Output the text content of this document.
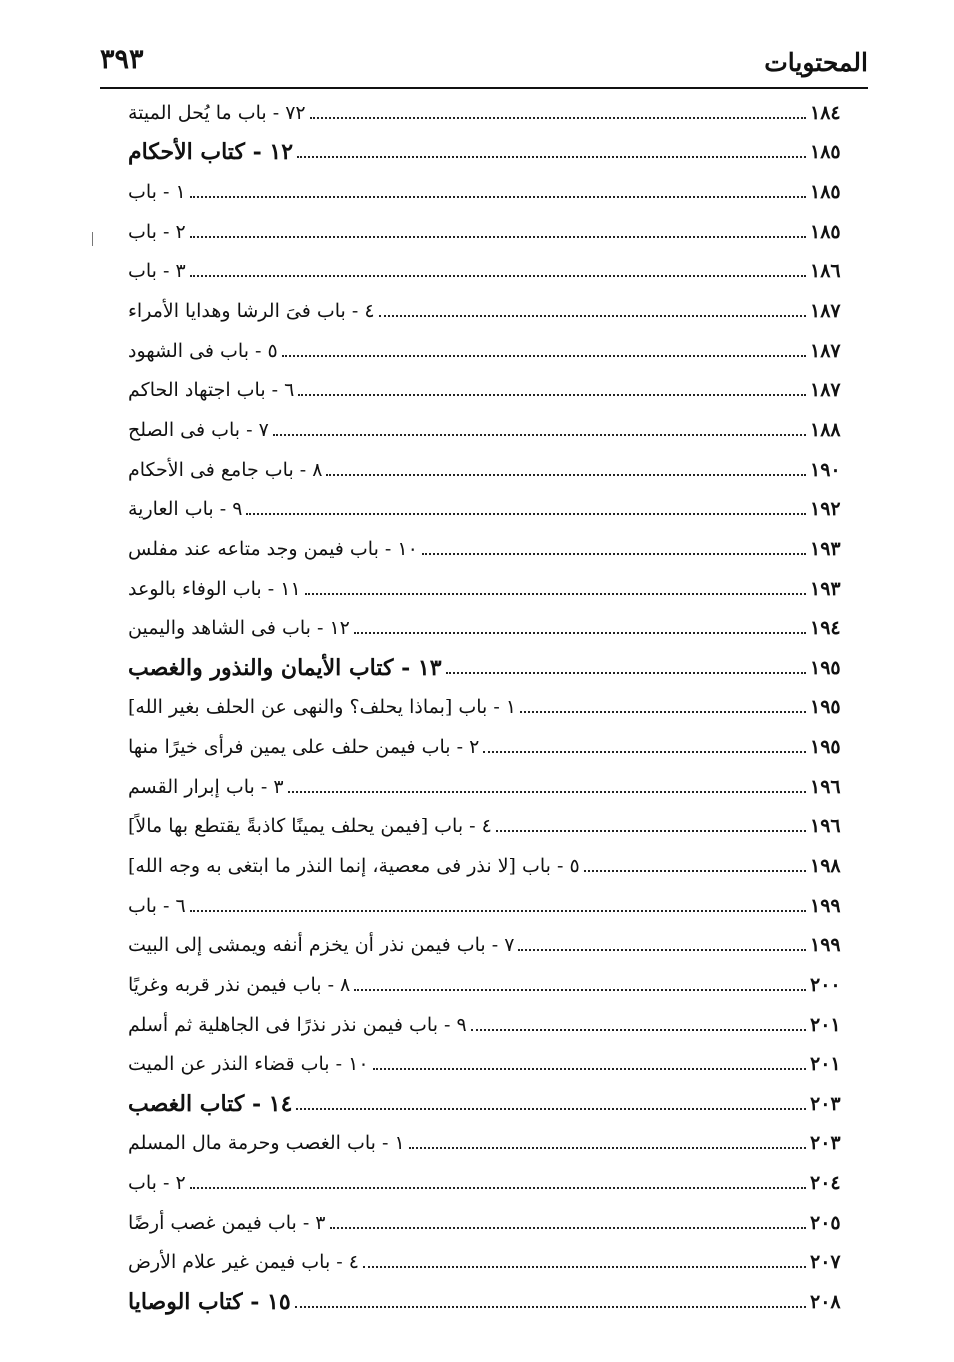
٣٩٣	المحتويات
٧٢ - باب ما يُحل الميتة	١٨٤
١٢ - كتاب الأحكام	١٨٥
١ - باب	١٨٥
٢ - باب	١٨٥
٣ - باب	١٨٦
٤ - باب فىَ الرشا وهدايا الأمراء	١٨٧
٥ - باب فى الشهود	١٨٧
٦ - باب اجتهاد الحاكم	١٨٧
٧ - باب فى الصلح	١٨٨
٨ - باب جامع فى الأحكام	١٩٠
٩ - باب العارية	١٩٢
١٠ - باب فيمن وجد متاعه عند مفلس	١٩٣
١١ - باب الوفاء بالوعد	١٩٣
١٢ - باب فى الشاهد واليمين	١٩٤
١٣ - كتاب الأيمان والنذور والغصب	١٩٥
١ - باب [بماذا يحلف؟ والنهى عن الحلف بغير الله]	١٩٥
٢ - باب فيمن حلف على يمين فرأى خيرًا منها	١٩٥
٣ - باب إبرار القسم	١٩٦
٤ - باب [فيمن يحلف يمينًا كاذبةً يقتطع بها مالاً]	١٩٦
٥ - باب [لا نذر فى معصية، إنما النذر ما ابتغى به وجه الله]	١٩٨
٦ - باب	١٩٩
٧ - باب فيمن نذر أن يخزم أنفه ويمشى إلى البيت	١٩٩
٨ - باب فيمن نذر قربه وغريًا	٢٠٠
٩ - باب فيمن نذر نذرًا فى الجاهلية ثم أسلم	٢٠١
١٠ - باب قضاء النذر عن الميت	٢٠١
١٤ - كتاب الغصب	٢٠٣
١ - باب الغصب وحرمة مال المسلم	٢٠٣
٢ - باب	٢٠٤
٣ - باب فيمن غصب أرضًا	٢٠٥
٤ - باب فيمن غير علام الأرض	٢٠٧
١٥ - كتاب الوصايا	٢٠٨
